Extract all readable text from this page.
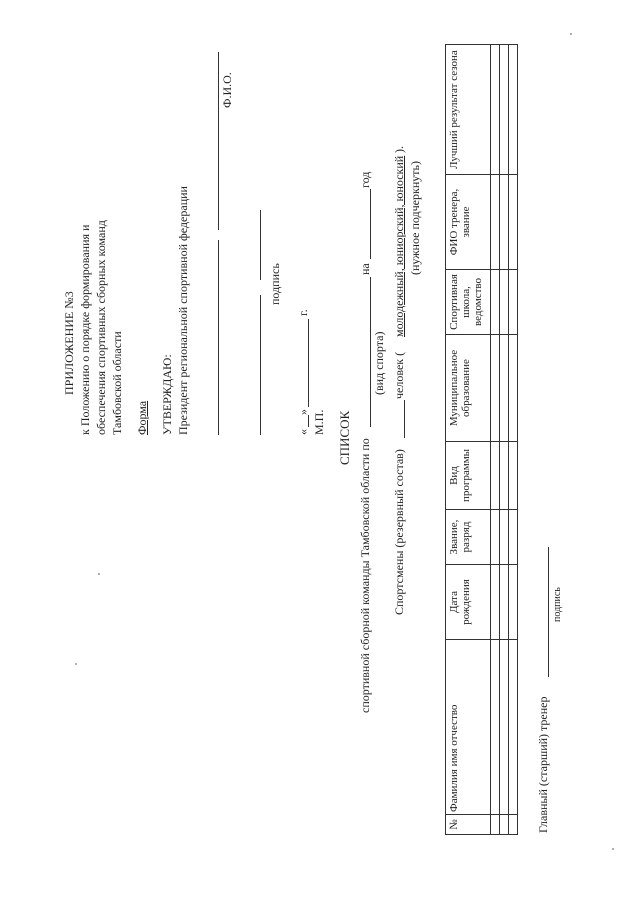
ПРИЛОЖЕНИЕ №3 к Положению о порядке формирования и обеспечения спортивных сборных команд Тамбовской области Форма УТВЕРЖДАЮ: Президент региональной спортивной федерации
Ф.И.О.
подпись
«
»
г.
М.П. СПИСОК
спортивной сборной команды Тамбовской области по
на
год
(вид спорта)
Спортсмены (резервный состав)
человек (
молодежный, юниорский, юноский
).
(нужное подчеркнуть)
№	Фамилия имя отчество	Дата рождения	Звание, разряд	Вид программы	Муниципальное образование	Спортивная школа, ведомство	ФИО тренера, звание	Лучший результат сезона

Главный (старший) тренер
подпись
